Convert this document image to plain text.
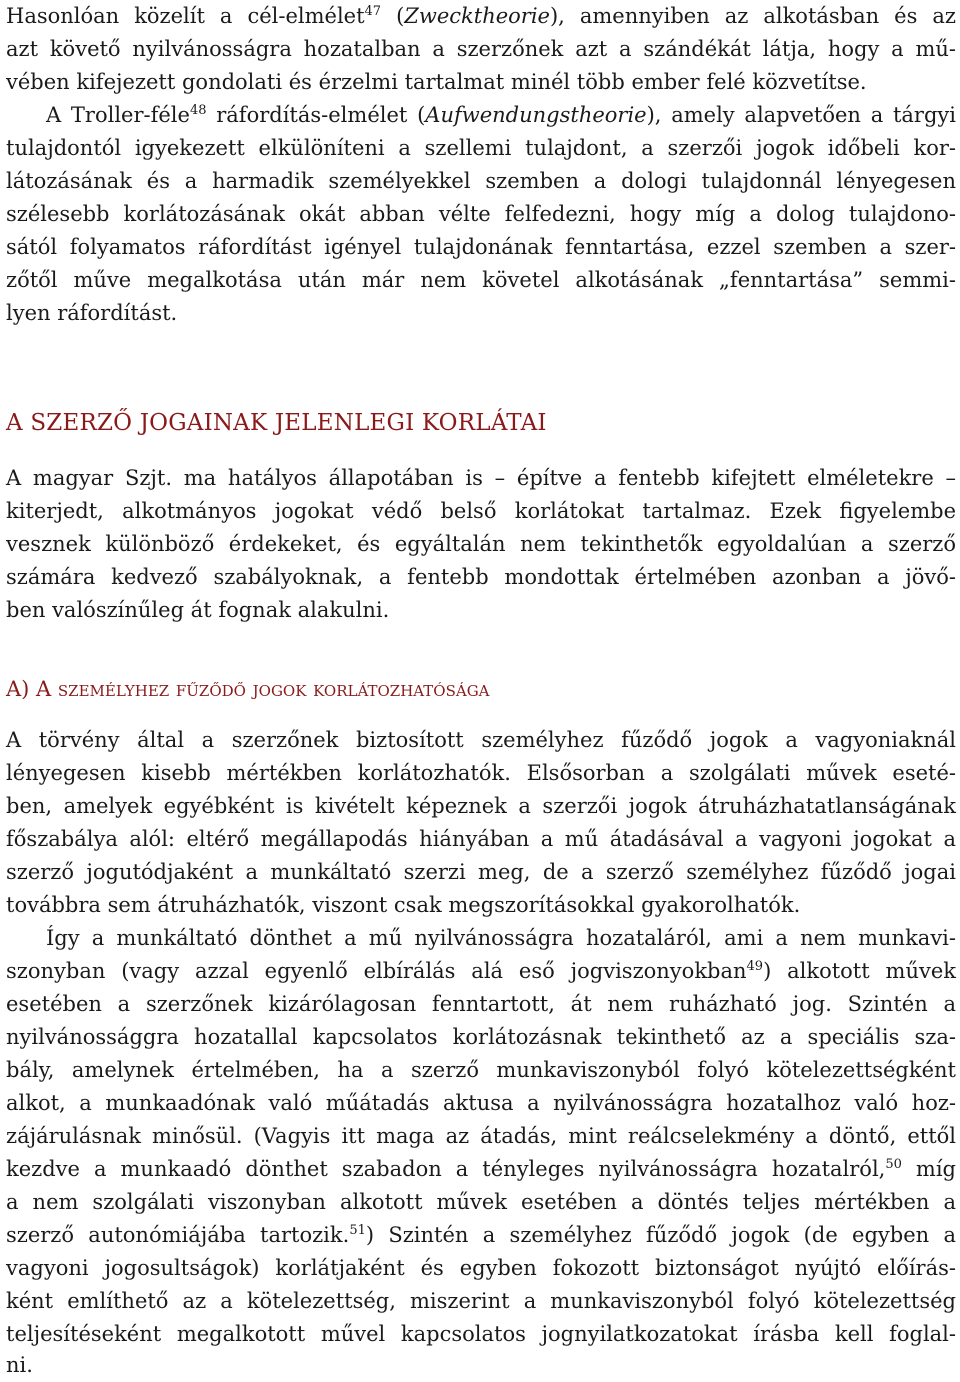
Hasonlóan közelít a cél-elmélet$^{47}$ (Zwecktheorie), amennyiben az alkotásban és az
azt követő nyilvánosságra hozatalban a szerzőnek azt a szándékát látja, hogy a mű-
vében kifejezett gondolati és érzelmi tartalmat minél több ember felé közvetítse.
A Troller-féle$^{48}$ ráfordítás-elmélet (Aufwendungstheorie), amely alapvetően a tárgyi
tulajdontól igyekezett elkülöníteni a szellemi tulajdont, a szerzői jogok időbeli kor-
látozásának és a harmadik személyekkel szemben a dologi tulajdonnál lényegesen
szélesebb korlátozásának okát abban vélte felfedezni, hogy míg a dolog tulajdono-
sától folyamatos ráfordítást igényel tulajdonának fenntartása, ezzel szemben a szer-
zőtől műve megalkotása után már nem követel alkotásának „fenntartása” semmi-
lyen ráfordítást.
A SZERZŐ JOGAINAK JELENLEGI KORLÁTAI
A magyar Szjt. ma hatályos állapotában is – építve a fentebb kifejtett elméletekre –
kiterjedt, alkotmányos jogokat védő belső korlátokat tartalmaz. Ezek figyelembe
vesznek különböző érdekeket, és egyáltalán nem tekinthetők egyoldalúan a szerző
számára kedvező szabályoknak, a fentebb mondottak értelmében azonban a jövő-
ben valószínűleg át fognak alakulni.
A) A személyhez fűződő jogok korlátozhatósága
A törvény által a szerzőnek biztosított személyhez fűződő jogok a vagyoniaknál
lényegesen kisebb mértékben korlátozhatók. Elsősorban a szolgálati művek eseté-
ben, amelyek egyébként is kivételt képeznek a szerzői jogok átruházhatatlanságának
főszabálya alól: eltérő megállapodás hiányában a mű átadásával a vagyoni jogokat a
szerző jogutódjaként a munkáltató szerzi meg, de a szerző személyhez fűződő jogai
továbbra sem átruházhatók, viszont csak megszorításokkal gyakorolhatók.
Így a munkáltató dönthet a mű nyilvánosságra hozataláról, ami a nem munkavi-
szonyban (vagy azzal egyenlő elbírálás alá eső jogviszonyokban$^{49}$) alkotott művek
esetében a szerzőnek kizárólagosan fenntartott, át nem ruházható jog. Szintén a
nyilvánossággra hozatallal kapcsolatos korlátozásnak tekinthető az a speciális sza-
bály, amelynek értelmében, ha a szerző munkaviszonyból folyó kötelezettségként
alkot, a munkaadónak való műátadás aktusa a nyilvánosságra hozatalhoz való hoz-
zájárulásnak minősül. (Vagyis itt maga az átadás, mint reálcselekmény a döntő, ettől
kezdve a munkaadó dönthet szabadon a tényleges nyilvánosságra hozatalról,$^{50}$ míg
a nem szolgálati viszonyban alkotott művek esetében a döntés teljes mértékben a
szerző autonómiájába tartozik.$^{51}$) Szintén a személyhez fűződő jogok (de egyben a
vagyoni jogosultságok) korlátjaként és egyben fokozott biztonságot nyújtó előírás-
ként említhető az a kötelezettség, miszerint a munkaviszonyból folyó kötelezettség
teljesítéseként megalkotott művel kapcsolatos jognyilatkozatokat írásba kell foglal-
ni.
